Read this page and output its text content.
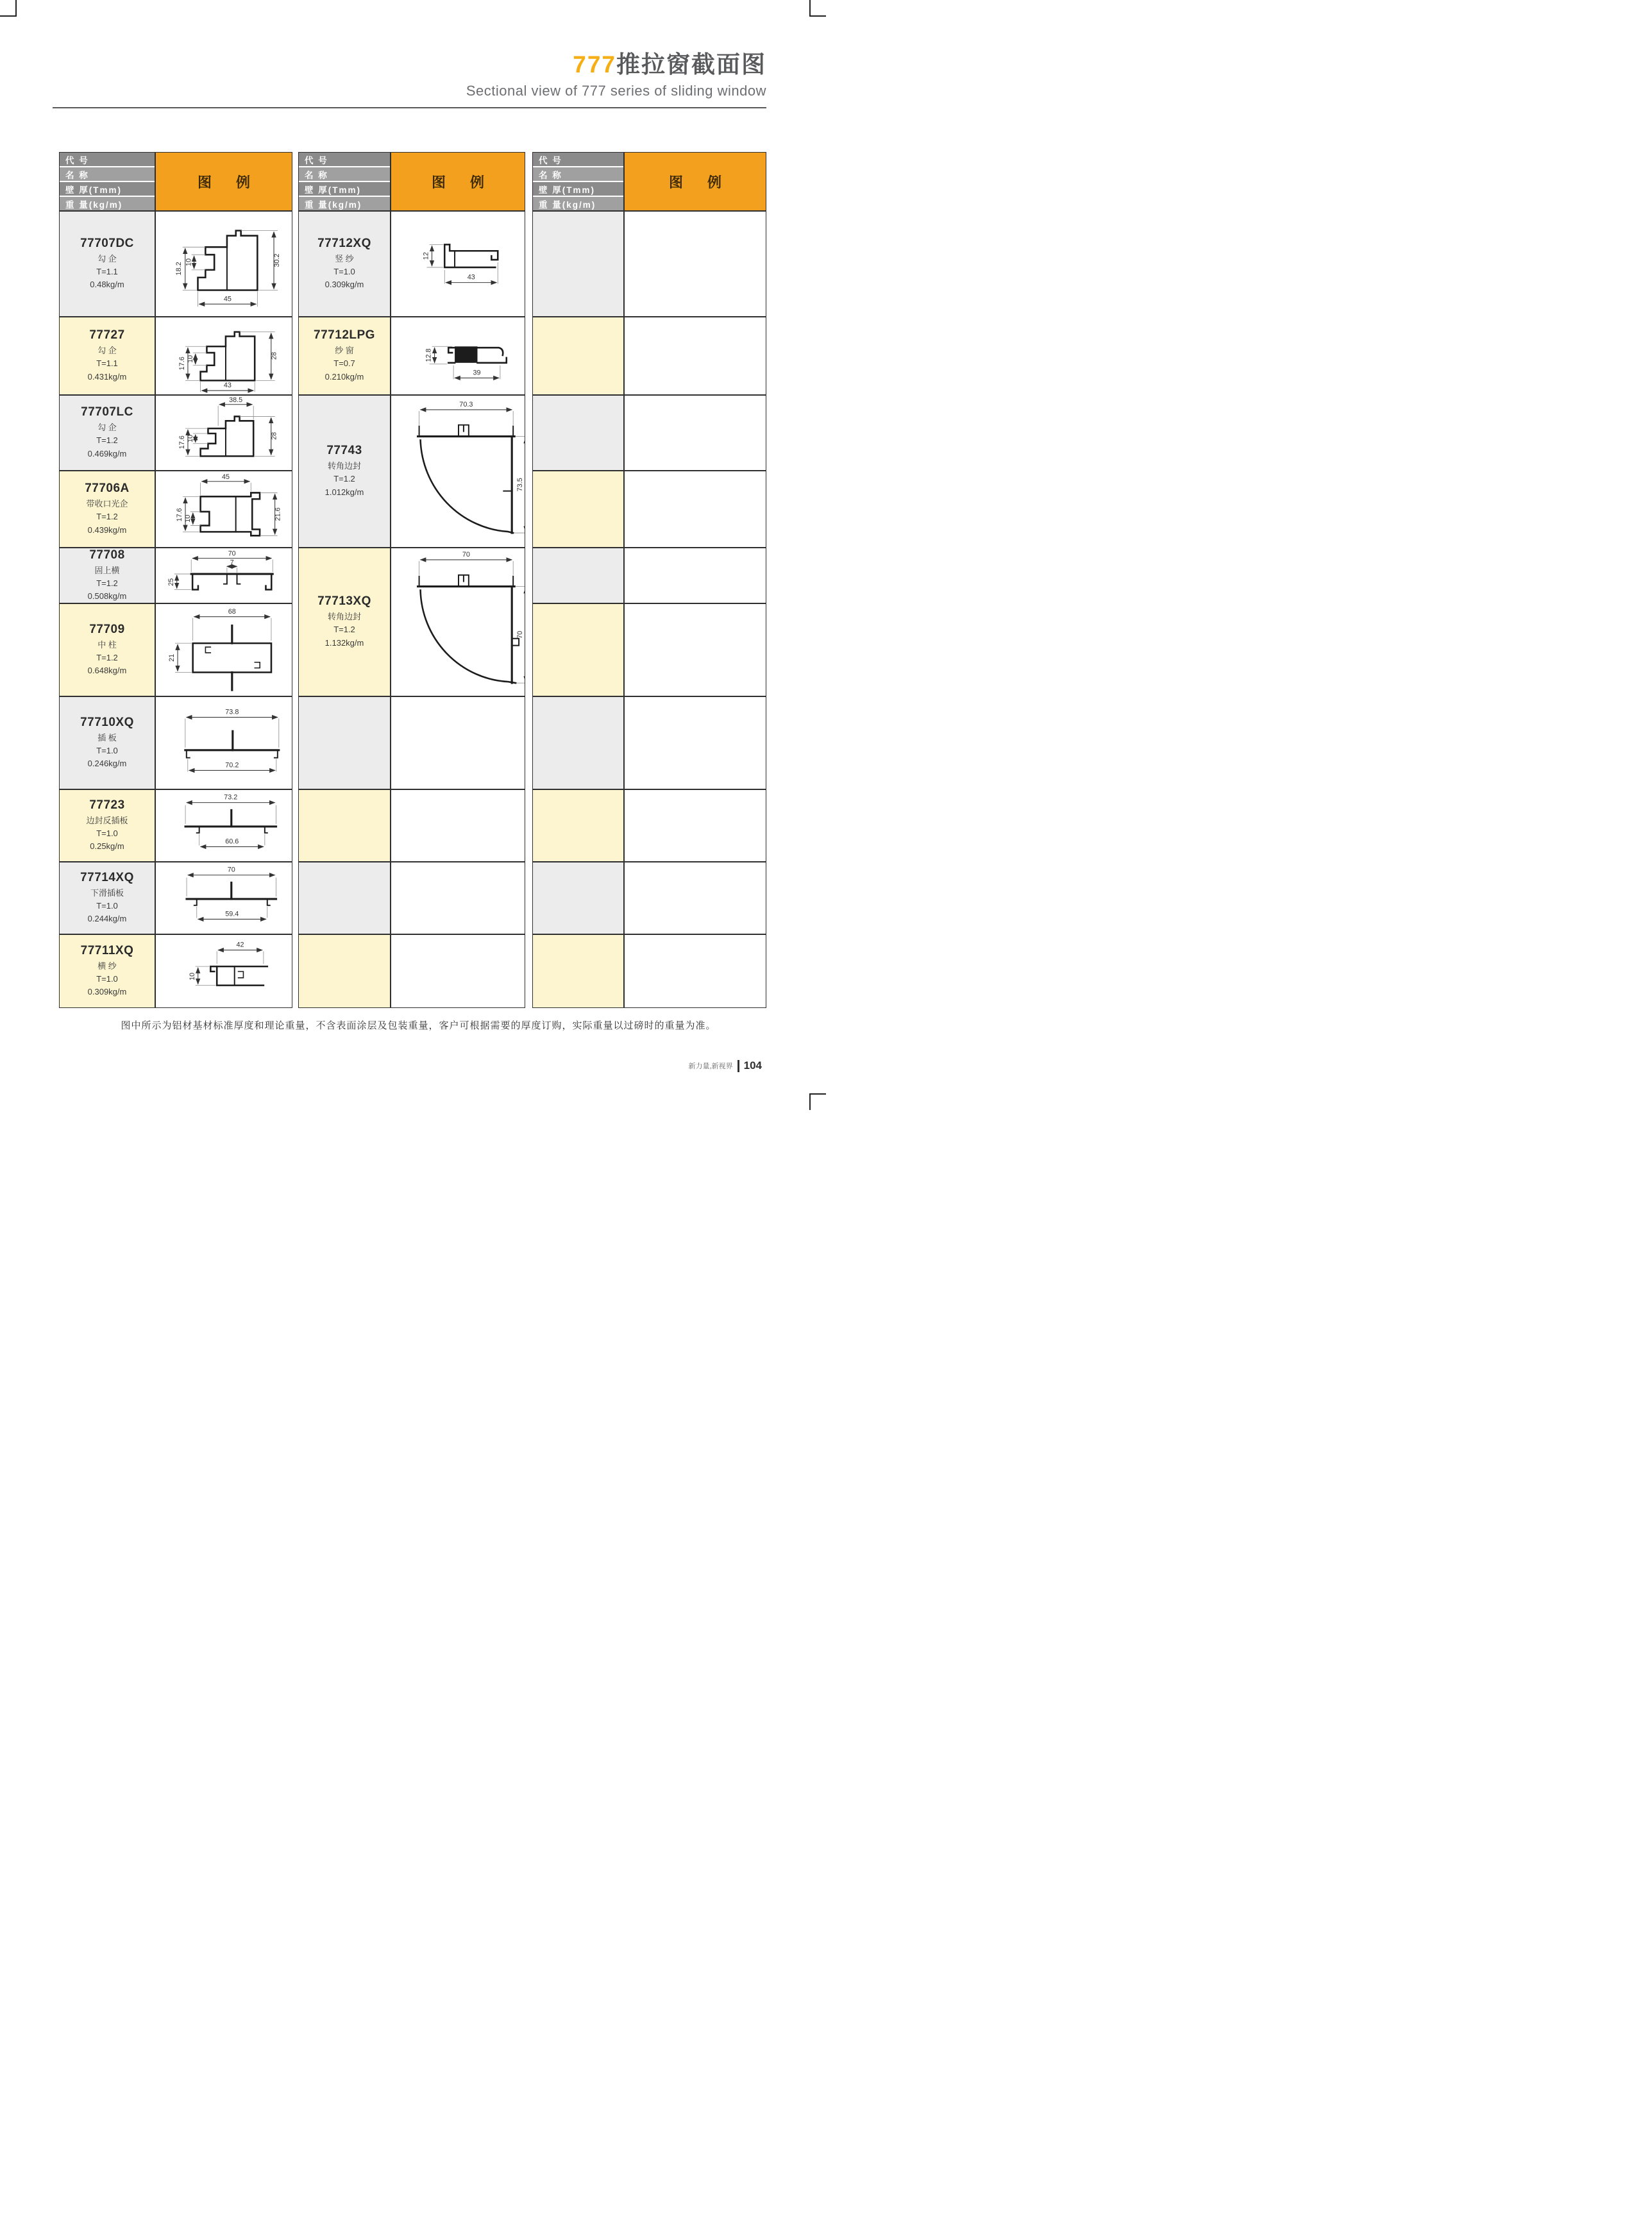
777推拉窗截面图
Sectional view of 777 series of sliding window
代 号
名 称
壁 厚(Tmm)
重 量(kg/m)
图 例
77707DC
勾 企
T=1.1
0.48kg/m
18.2 10	30.2
45
77727
勾 企
T=1.1
0.431kg/m
17.6 10	28
43
77707LC
勾 企
T=1.2
0.469kg/m
38.5
17.6 10	28
77706A
带收口光企
T=1.2
0.439kg/m
45
17.6 10	21.6
77708
固上横
T=1.2
0.508kg/m
70
7
25
77709
中 柱
T=1.2
0.648kg/m
68
21
77710XQ
插 板
T=1.0
0.246kg/m
73.8
70.2
77723
边封反插板
T=1.0
0.25kg/m
73.2
60.6
77714XQ
下滑插板
T=1.0
0.244kg/m
70
59.4
77711XQ
横 纱
T=1.0
0.309kg/m
42
10
代 号
名 称
壁 厚(Tmm)
重 量(kg/m)
图 例
77712XQ
竖 纱
T=1.0
0.309kg/m
12
43
77712LPG
纱 窗
T=0.7
0.210kg/m
12.8
39
77743
转角边封
T=1.2
1.012kg/m
70.3
73.5
77713XQ
转角边封
T=1.2
1.132kg/m
70
70
代 号
名 称
壁 厚(Tmm)
重 量(kg/m)
图 例
图中所示为铝材基材标准厚度和理论重量，不含表面涂层及包装重量，客户可根据需要的厚度订购，实际重量以过磅时的重量为准。
新力量,新视界 104
